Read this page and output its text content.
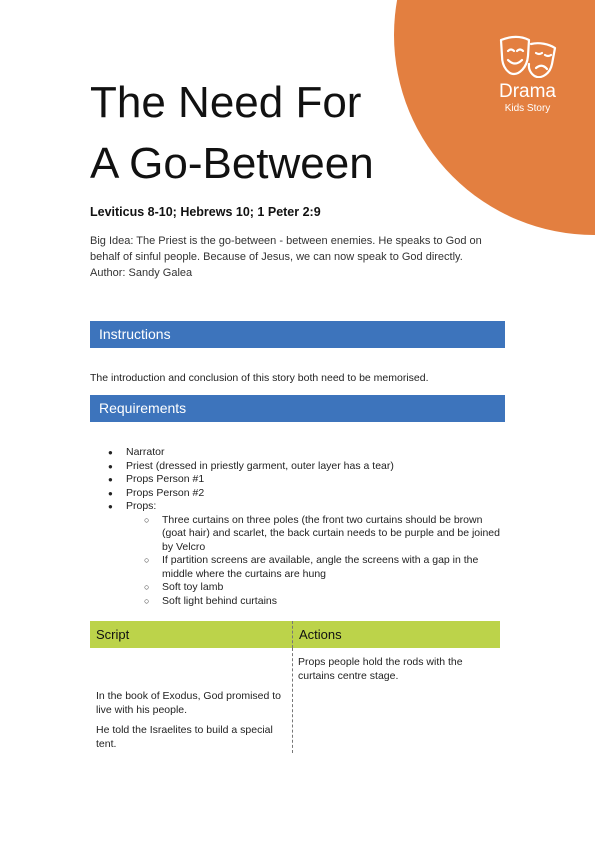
Drama
Kids Story
The Need For
A Go-Between
Leviticus 8-10; Hebrews 10; 1 Peter 2:9

Big Idea: The Priest is the go-between - between enemies. He speaks to God on behalf of sinful people. Because of Jesus, we can now speak to God directly.

Author: Sandy Galea

Instructions
The introduction and conclusion of this story both need to be memorised.
Requirements
● Narrator
● Priest (dressed in priestly garment, outer layer has a tear)
● Props Person #1
● Props Person #2
● Props:
○ Three curtains on three poles (the front two curtains should be brown (goat hair) and scarlet, the back curtain needs to be purple and be joined by Velcro
○ If partition screens are available, angle the screens with a gap in the middle where the curtains are hung
○ Soft toy lamb
○ Soft light behind curtains
Script	Actions

Props people hold the rods with the curtains centre stage.

In the book of Exodus, God promised to live with his people.

He told the Israelites to build a special tent.
